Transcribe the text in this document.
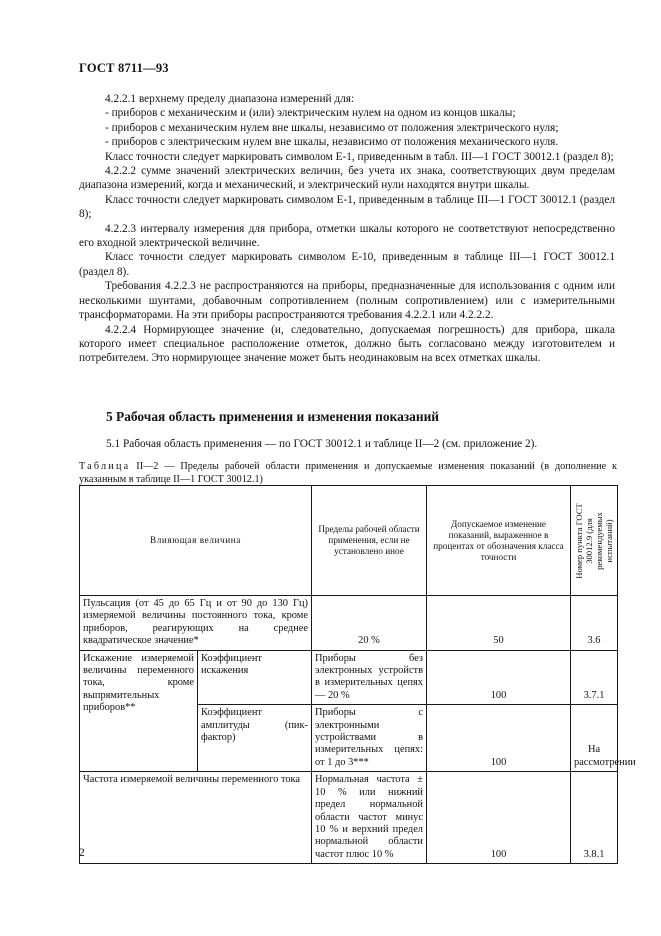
ГОСТ 8711—93

4.2.2.1 верхнему пределу диапазона измерений для:

- приборов с механическим и (или) электрическим нулем на одном из концов шкалы;

- приборов с механическим нулем вне шкалы, независимо от положения электрического нуля;

- приборов с электрическим нулем вне шкалы, независимо от положения механического нуля.

Класс точности следует маркировать символом Е-1, приведенным в табл. III—1 ГОСТ 30012.1 (раздел 8);

4.2.2.2 сумме значений электрических величин, без учета их знака, соответствующих двум пределам диапазона измерений, когда и механический, и электрический нули находятся внутри шкалы.

Класс точности следует маркировать символом Е-1, приведенным в таблице III—1 ГОСТ 30012.1 (раздел 8);

4.2.2.3 интервалу измерения для прибора, отметки шкалы которого не соответствуют непосредственно его входной электрической величине.

Класс точности следует маркировать символом Е-10, приведенным в таблице III—1 ГОСТ 30012.1 (раздел 8).

Требования 4.2.2.3 не распространяются на приборы, предназначенные для использования с одним или несколькими шунтами, добавочным сопротивлением (полным сопротивлением) или с измерительными трансформаторами. На эти приборы распространяются требования 4.2.2.1 или 4.2.2.2.

4.2.2.4 Нормирующее значение (и, следовательно, допускаемая погрешность) для прибора, шкала которого имеет специальное расположение отметок, должно быть согласовано между изготовителем и потребителем. Это нормирующее значение может быть неодинаковым на всех отметках шкалы.

5 Рабочая область применения и изменения показаний
5.1 Рабочая область применения — по ГОСТ 30012.1 и таблице II—2 (см. приложение 2).
Таблица II—2 — Пределы рабочей области применения и допускаемые изменения показаний (в дополнение к указанным в таблице II—1 ГОСТ 30012.1)
Влияющая величина		Пределы рабочей области применения, если не установлено иное	Допускаемое изменение показаний, выраженное в процентах от обозначения класса точности	Номер пункта ГОСТ 30012.9 (для рекомендуемых испытаний)

Пульсация (от 45 до 65 Гц и от 90 до 130 Гц) измеряемой величины постоянного тока, кроме приборов, реагирующих на среднее квадратическое значение*		20 %	50	3.6
Искажение измеряемой величины переменного тока, кроме выпрямительных приборов**	Коэффициент искажения	Приборы без электронных устройств в измерительных цепях — 20 %	100	3.7.1
	Коэффициент амплитуды (пик-фактор)	Приборы с электронными устройствами в измерительных цепях: от 1 до 3***	100	На рассмотрении
Частота измеряемой величины переменного тока		Нормальная частота ± 10 % или нижний предел нормальной области частот минус 10 % и верхний предел нормальной области частот плюс 10 %	100	3.8.1
2
